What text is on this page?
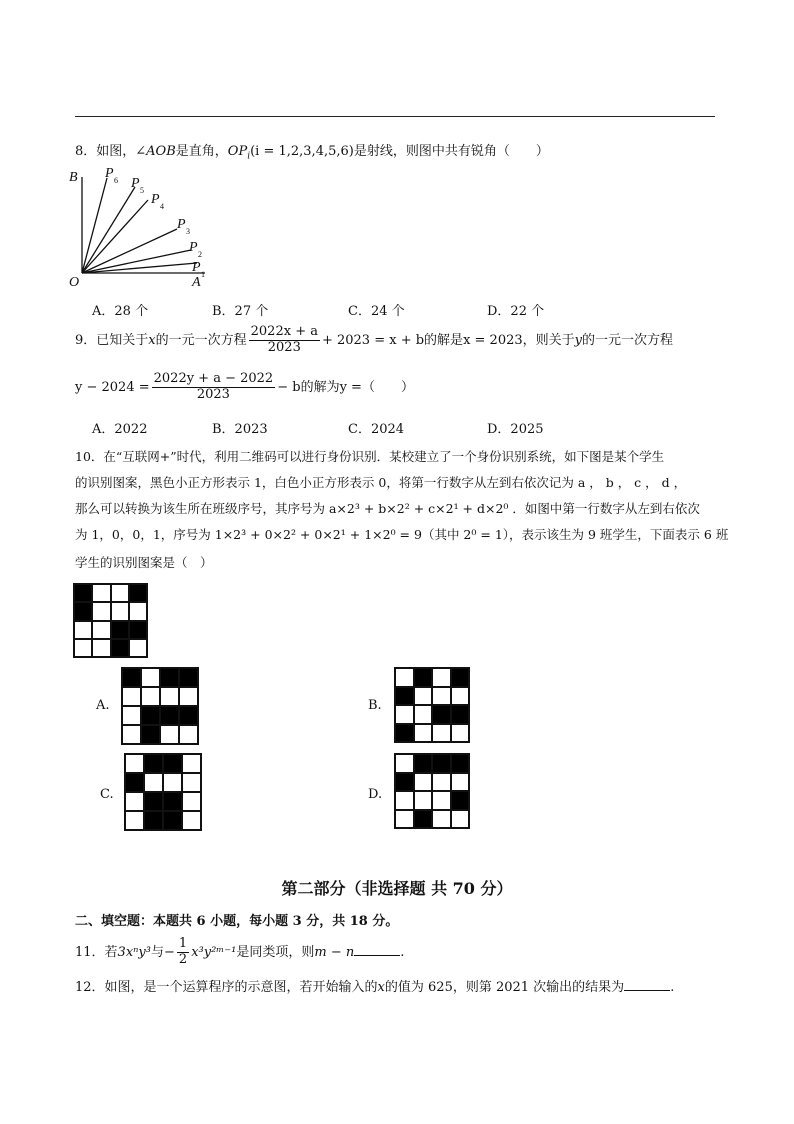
8．如图，∠AOB是直角，$OP_i(i = 1,2,3,4,5,6)$是射线，则图中共有锐角（　　）
B
O	A
P
P
P
P
P
P
6
5
4
3
2
1
A．28 个	B．27 个	C．24 个	D．22 个
9．已知关于x的一元一次方程 $\frac{2022x + a}{2023} + 2023 = x + b$的解是x = 2023，则关于y的一元一次方程
$y - 2024 = \frac{2022y + a - 2022}{2023} - b$的解为y =（　　）
A．2022	B．2023	C．2024	D．2025
10．在“互联网+”时代，利用二维码可以进行身份识别．某校建立了一个身份识别系统，如下图是某个学生
的识别图案，黑色小正方形表示 1，白色小正方形表示 0，将第一行数字从左到右依次记为 a ， b ， c ， d ，
那么可以转换为该生所在班级序号，其序号为 a×2³ + b×2² + c×2¹ + d×2⁰ ．如图中第一行数字从左到右依次
为 1，0，0，1，序号为 1×2³ + 0×2² + 0×2¹ + 1×2⁰ = 9（其中 2⁰ = 1），表示该生为 9 班学生，下面表示 6 班
学生的识别图案是（　）
A.	B.
C.	D.
第二部分（非选择题 共 70 分）
二、填空题：本题共 6 小题，每小题 3 分，共 18 分。
11．若3xⁿy³与− $\frac{1}{2}$ x³y²ᵐ⁻¹是同类项，则m − n	.
12．如图，是一个运算程序的示意图，若开始输入的x的值为 625，则第 2021 次输出的结果为	.
